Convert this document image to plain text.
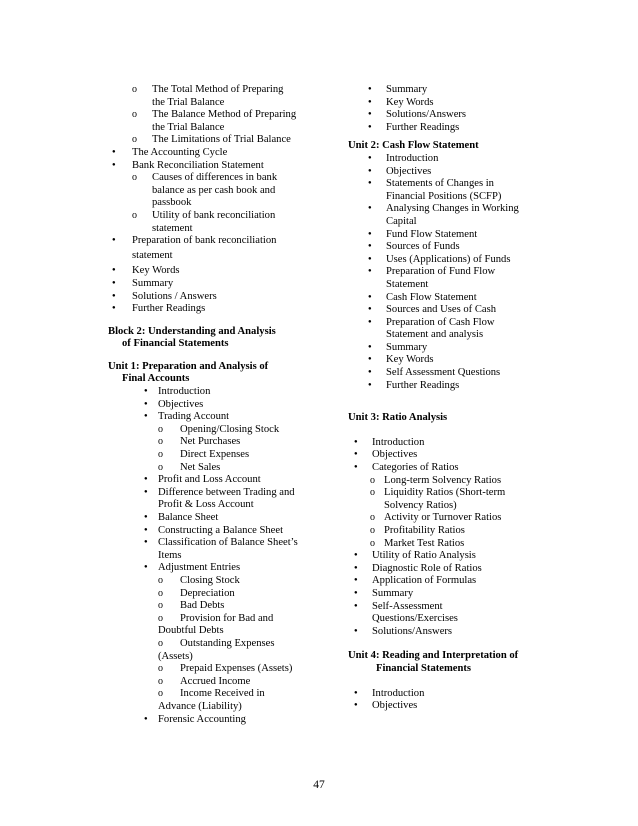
o
The Total Method of Preparing
the Trial Balance
o
The Balance Method of Preparing
the Trial Balance
o
The Limitations of Trial Balance
●
The Accounting Cycle
●
Bank Reconciliation Statement
o
Causes of differences in bank
balance as per cash book and
passbook
o
Utility of bank reconciliation
statement
●
Preparation of bank reconciliation
statement
●
Key Words
●
Summary
●
Solutions / Answers
●
Further Readings
Block 2: Understanding and Analysis
of Financial Statements
Unit 1: Preparation and Analysis of
Final Accounts
●
Introduction
●
Objectives
●
Trading Account
o
Opening/Closing Stock
o
Net Purchases
o
Direct Expenses
o
Net Sales
●
Profit and Loss Account
●
Difference between Trading and
Profit & Loss Account
●
Balance Sheet
●
Constructing a Balance Sheet
●
Classification of Balance Sheet’s
Items
●
Adjustment Entries
o
Closing Stock
o
Depreciation
o
Bad Debts
o
Provision for Bad and
Doubtful Debts
o
Outstanding Expenses
(Assets)
o
Prepaid Expenses (Assets)
o
Accrued Income
o
Income Received in
Advance (Liability)
●
Forensic Accounting
●
Summary
●
Key Words
●
Solutions/Answers
●
Further Readings
Unit 2: Cash Flow Statement
●
Introduction
●
Objectives
●
Statements of Changes in
Financial Positions (SCFP)
●
Analysing Changes in Working
Capital
●
Fund Flow Statement
●
Sources of Funds
●
Uses (Applications) of Funds
●
Preparation of Fund Flow
Statement
●
Cash Flow Statement
●
Sources and Uses of Cash
●
Preparation of Cash Flow
Statement and analysis
●
Summary
●
Key Words
●
Self Assessment Questions
●
Further Readings
Unit 3: Ratio Analysis
●
Introduction
●
Objectives
●
Categories of Ratios
o
Long-term Solvency Ratios
o
Liquidity Ratios (Short-term
Solvency Ratios)
o
Activity or Turnover Ratios
o
Profitability Ratios
o
Market Test Ratios
●
Utility of Ratio Analysis
●
Diagnostic Role of Ratios
●
Application of Formulas
●
Summary
●
Self-Assessment
Questions/Exercises
●
Solutions/Answers
Unit 4: Reading and Interpretation of
Financial Statements
●
Introduction
●
Objectives
47
